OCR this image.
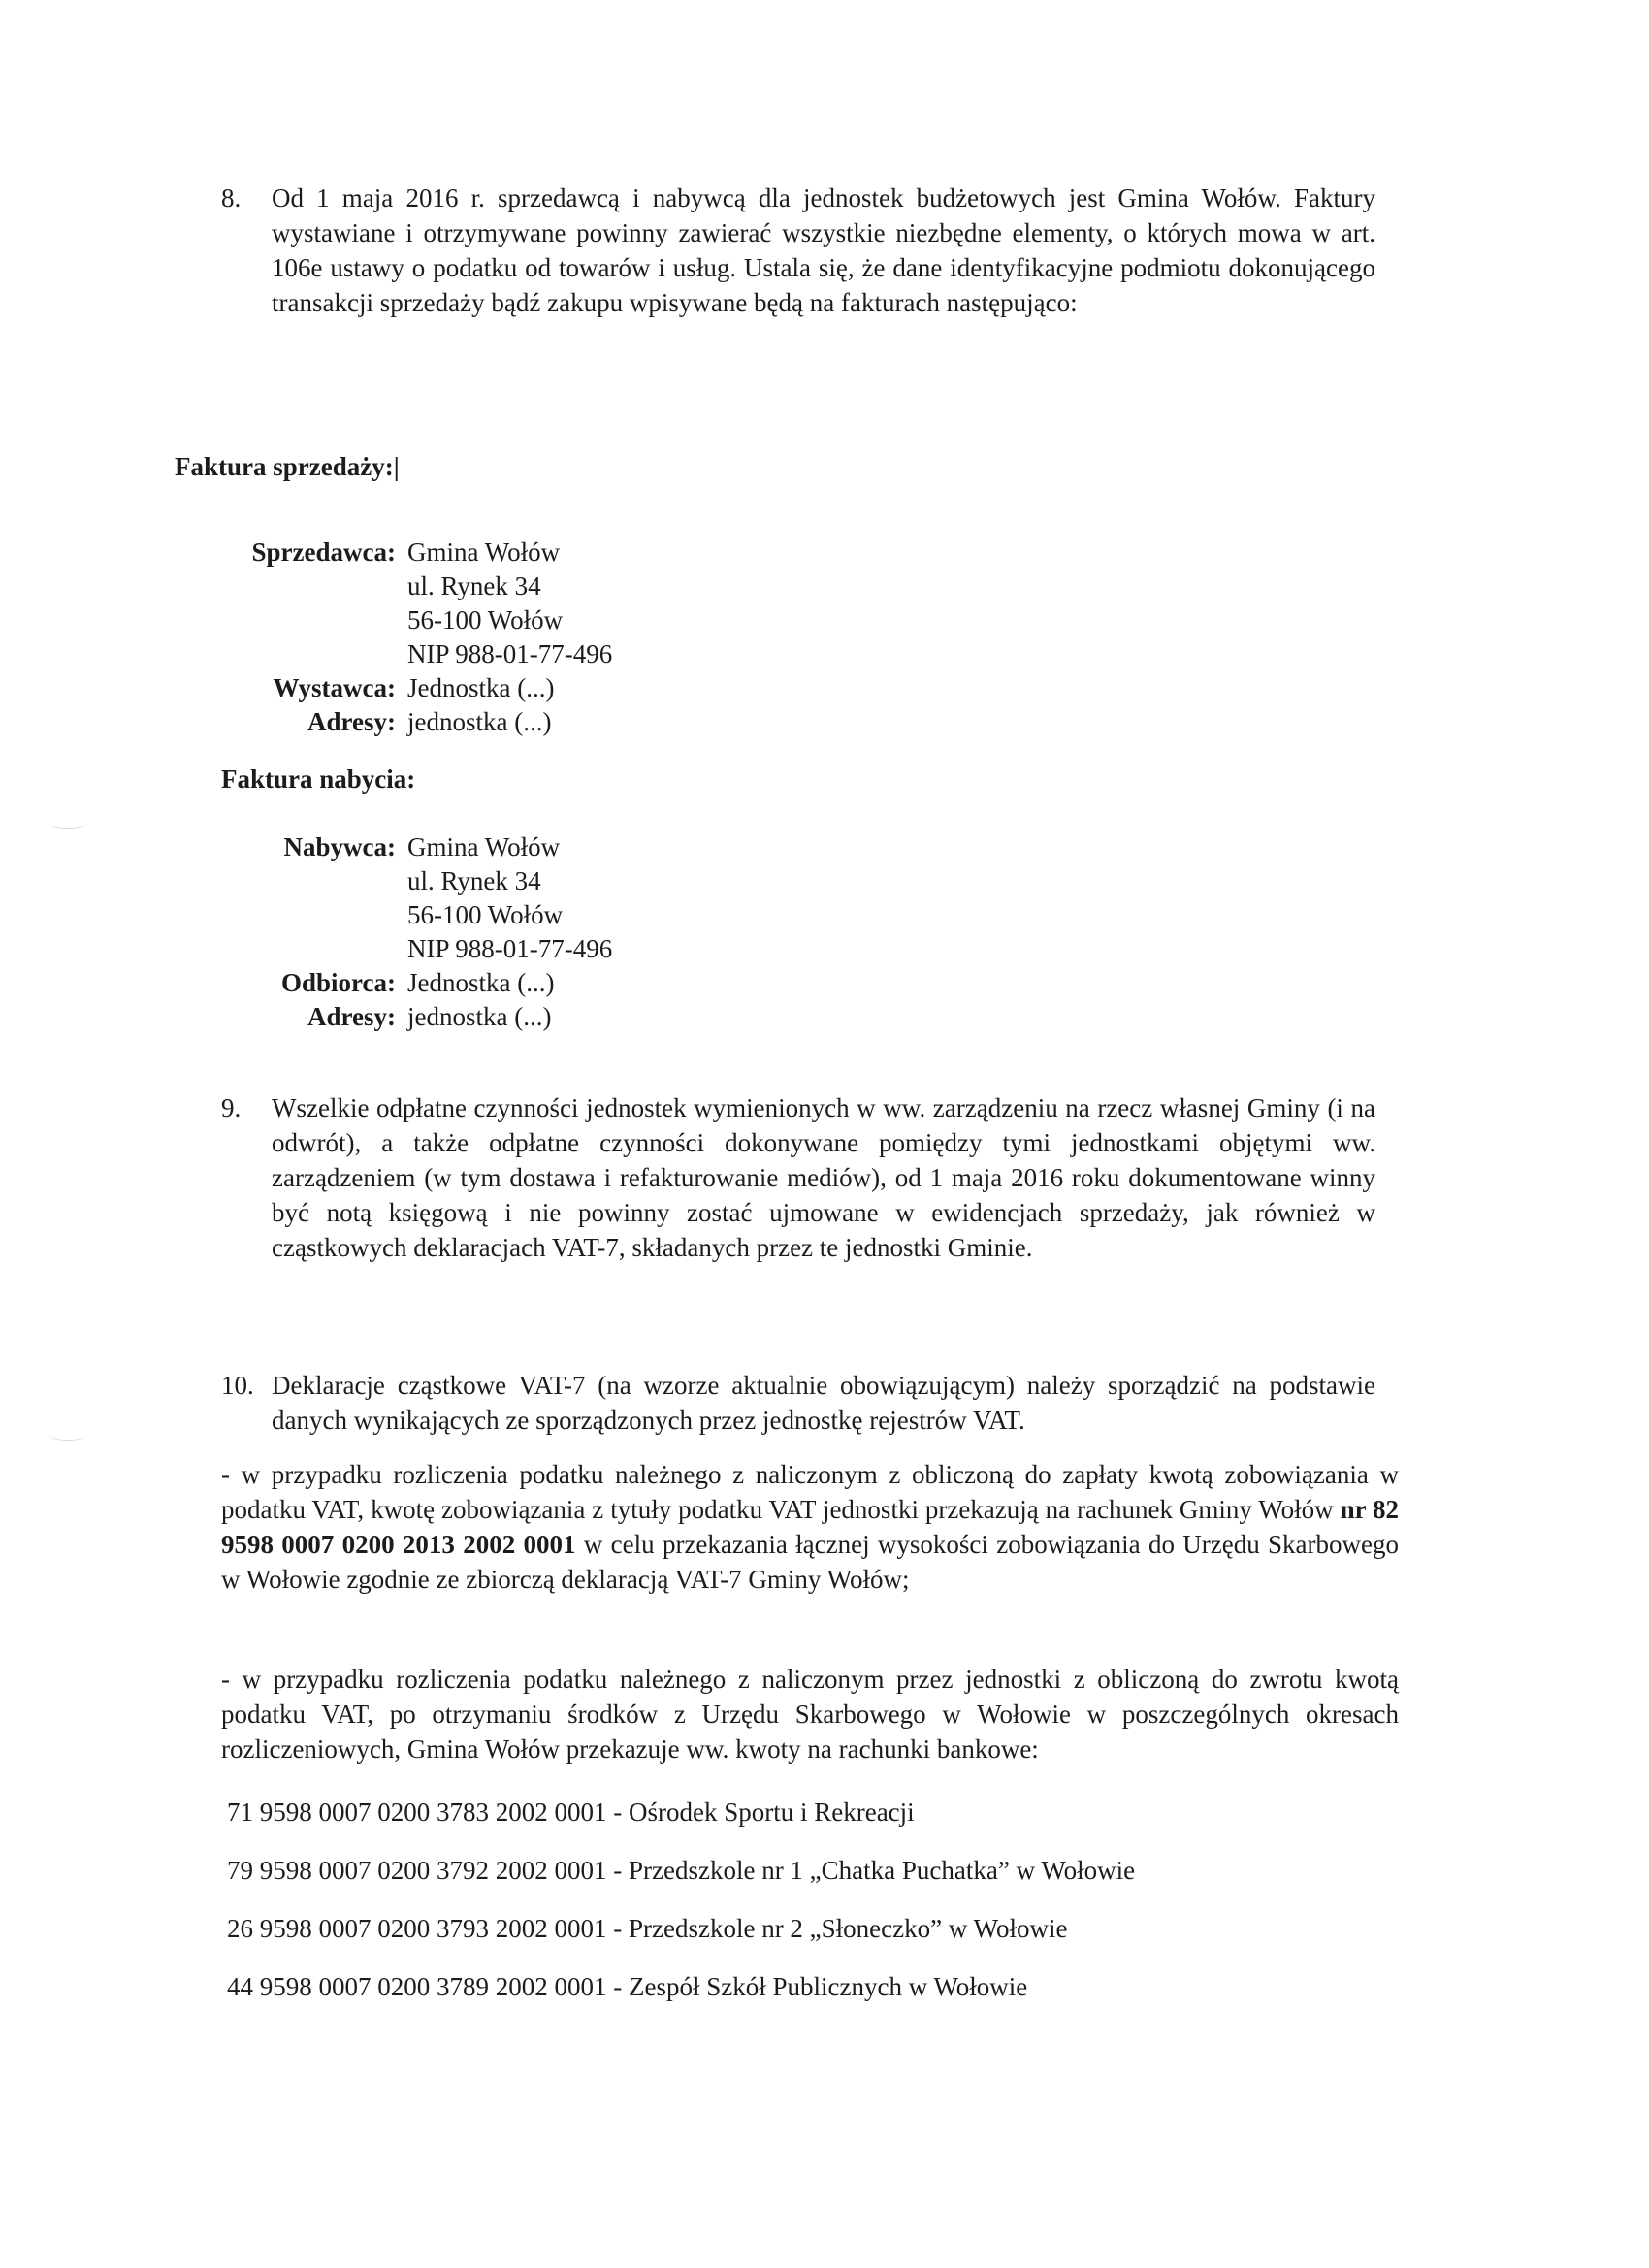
8. Od 1 maja 2016 r. sprzedawcą i nabywcą dla jednostek budżetowych jest Gmina Wołów. Faktury wystawiane i otrzymywane powinny zawierać wszystkie niezbędne elementy, o których mowa w art. 106e ustawy o podatku od towarów i usług. Ustala się, że dane identyfikacyjne podmiotu dokonującego transakcji sprzedaży bądź zakupu wpisywane będą na fakturach następująco:

Faktura sprzedaży:|
Sprzedawca: Gmina Wołów
ul. Rynek 34
56-100 Wołów
NIP 988-01-77-496
Wystawca: Jednostka (...)
Adresy: jednostka (...)
Faktura nabycia:
Nabywca: Gmina Wołów
ul. Rynek 34
56-100 Wołów
NIP 988-01-77-496
Odbiorca: Jednostka (...)
Adresy: jednostka (...)
9. Wszelkie odpłatne czynności jednostek wymienionych w ww. zarządzeniu na rzecz własnej Gminy (i na odwrót), a także odpłatne czynności dokonywane pomiędzy tymi jednostkami objętymi ww. zarządzeniem (w tym dostawa i refakturowanie mediów), od 1 maja 2016 roku dokumentowane winny być notą księgową i nie powinny zostać ujmowane w ewidencjach sprzedaży, jak również w cząstkowych deklaracjach VAT-7, składanych przez te jednostki Gminie.

10. Deklaracje cząstkowe VAT-7 (na wzorze aktualnie obowiązującym) należy sporządzić na podstawie danych wynikających ze sporządzonych przez jednostkę rejestrów VAT.

- w przypadku rozliczenia podatku należnego z naliczonym z obliczoną do zapłaty kwotą zobowiązania w podatku VAT, kwotę zobowiązania z tytuły podatku VAT jednostki przekazują na rachunek Gminy Wołów nr 82 9598 0007 0200 2013 2002 0001 w celu przekazania łącznej wysokości zobowiązania do Urzędu Skarbowego w Wołowie zgodnie ze zbiorczą deklaracją VAT-7 Gminy Wołów;

- w przypadku rozliczenia podatku należnego z naliczonym przez jednostki z obliczoną do zwrotu kwotą podatku VAT, po otrzymaniu środków z Urzędu Skarbowego w Wołowie w poszczególnych okresach rozliczeniowych, Gmina Wołów przekazuje ww. kwoty na rachunki bankowe:

71 9598 0007 0200 3783 2002 0001 - Ośrodek Sportu i Rekreacji
79 9598 0007 0200 3792 2002 0001 - Przedszkole nr 1 „Chatka Puchatka” w Wołowie
26 9598 0007 0200 3793 2002 0001 - Przedszkole nr 2 „Słoneczko” w Wołowie
44 9598 0007 0200 3789 2002 0001 - Zespół Szkół Publicznych w Wołowie
